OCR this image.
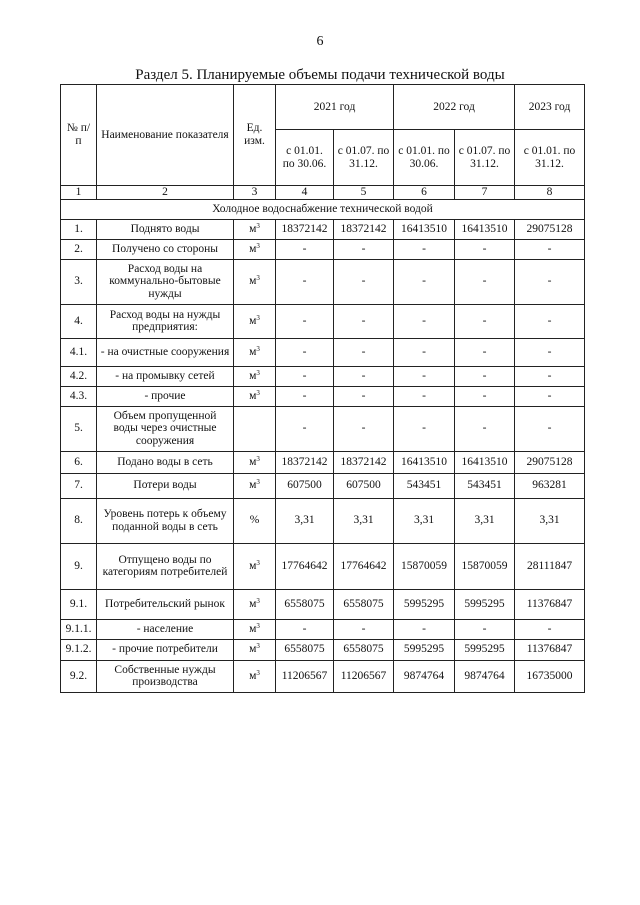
6
Раздел 5. Планируемые объемы подачи технической воды
№ п/п	Наименование показателя	Ед. изм.	2021 год		2022 год		2023 год
			с 01.01. по 30.06.	с 01.07. по 31.12.	с 01.01. по 30.06.	с 01.07. по 31.12.	с 01.01. по 31.12.
1	2	3	4	5	6	7	8
Холодное водоснабжение технической водой							
1.	Поднято воды	$м^3$	18372142	18372142	16413510	16413510	29075128
2.	Получено со стороны	$м^3$	-	-	-	-	-
3.	Расход воды на коммунально-бытовые нужды	$м^3$	-	-	-	-	-
4.	Расход воды на нужды предприятия:	$м^3$	-	-	-	-	-
4.1.	- на очистные сооружения	$м^3$	-	-	-	-	-
4.2.	- на промывку сетей	$м^3$	-	-	-	-	-
4.3.	- прочие	$м^3$	-	-	-	-	-
5.	Объем пропущенной воды через очистные сооружения		-	-	-	-	-
6.	Подано воды в сеть	$м^3$	18372142	18372142	16413510	16413510	29075128
7.	Потери воды	$м^3$	607500	607500	543451	543451	963281
8.	Уровень потерь к объему поданной воды в сеть	%	3,31	3,31	3,31	3,31	3,31
9.	Отпущено воды по категориям потребителей	$м^3$	17764642	17764642	15870059	15870059	28111847
9.1.	Потребительский рынок	$м^3$	6558075	6558075	5995295	5995295	11376847
9.1.1.	- население	$м^3$	-	-	-	-	-
9.1.2.	- прочие потребители	$м^3$	6558075	6558075	5995295	5995295	11376847
9.2.	Собственные нужды производства	$м^3$	11206567	11206567	9874764	9874764	16735000
